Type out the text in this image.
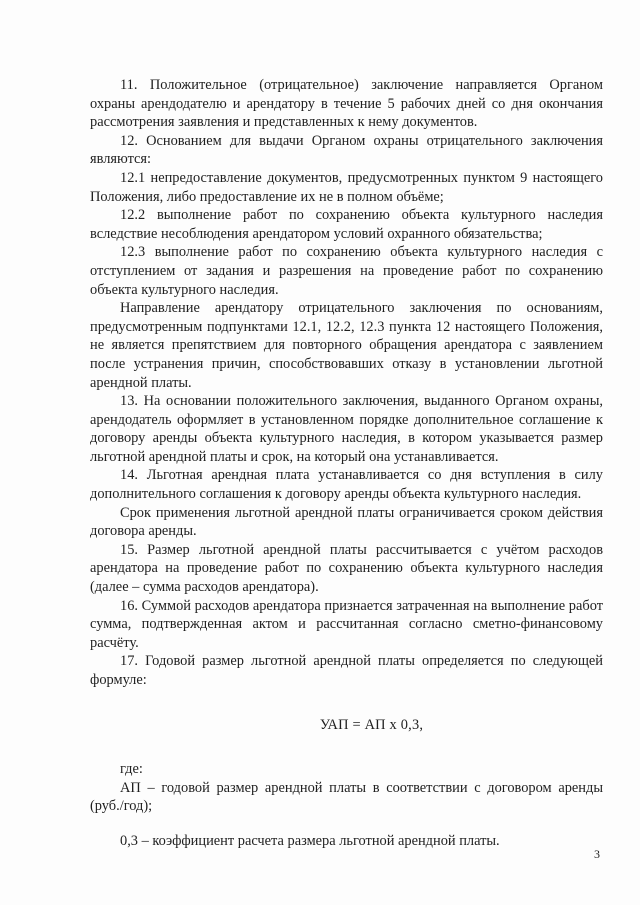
11. Положительное (отрицательное) заключение направляется Органом охраны арендодателю и арендатору в течение 5 рабочих дней со дня окончания рассмотрения заявления и представленных к нему документов.

12. Основанием для выдачи Органом охраны отрицательного заключения являются:

12.1 непредоставление документов, предусмотренных пунктом 9 настоящего Положения, либо предоставление их не в полном объёме;

12.2 выполнение работ по сохранению объекта культурного наследия вследствие несоблюдения арендатором условий охранного обязательства;

12.3 выполнение работ по сохранению объекта культурного наследия с отступлением от задания и разрешения на проведение работ по сохранению объекта культурного наследия.

Направление арендатору отрицательного заключения по основаниям, предусмотренным подпунктами 12.1, 12.2, 12.3 пункта 12 настоящего Положения, не является препятствием для повторного обращения арендатора с заявлением после устранения причин, способствовавших отказу в установлении льготной арендной платы.

13. На основании положительного заключения, выданного Органом охраны, арендодатель оформляет в установленном порядке дополнительное соглашение к договору аренды объекта культурного наследия, в котором указывается размер льготной арендной платы и срок, на который она устанавливается.

14. Льготная арендная плата устанавливается со дня вступления в силу дополнительного соглашения к договору аренды объекта культурного наследия.

Срок применения льготной арендной платы ограничивается сроком действия договора аренды.

15. Размер льготной арендной платы рассчитывается с учётом расходов арендатора на проведение работ по сохранению объекта культурного наследия (далее – сумма расходов арендатора).

16. Суммой расходов арендатора признается затраченная на выполнение работ сумма, подтвержденная актом и рассчитанная согласно сметно-финансовому расчёту.

17. Годовой размер льготной арендной платы определяется по следующей формуле:

УАП = АП х 0,3,

где:

АП – годовой размер арендной платы в соответствии с договором аренды (руб./год);

0,3 – коэффициент расчета размера льготной арендной платы.

3
